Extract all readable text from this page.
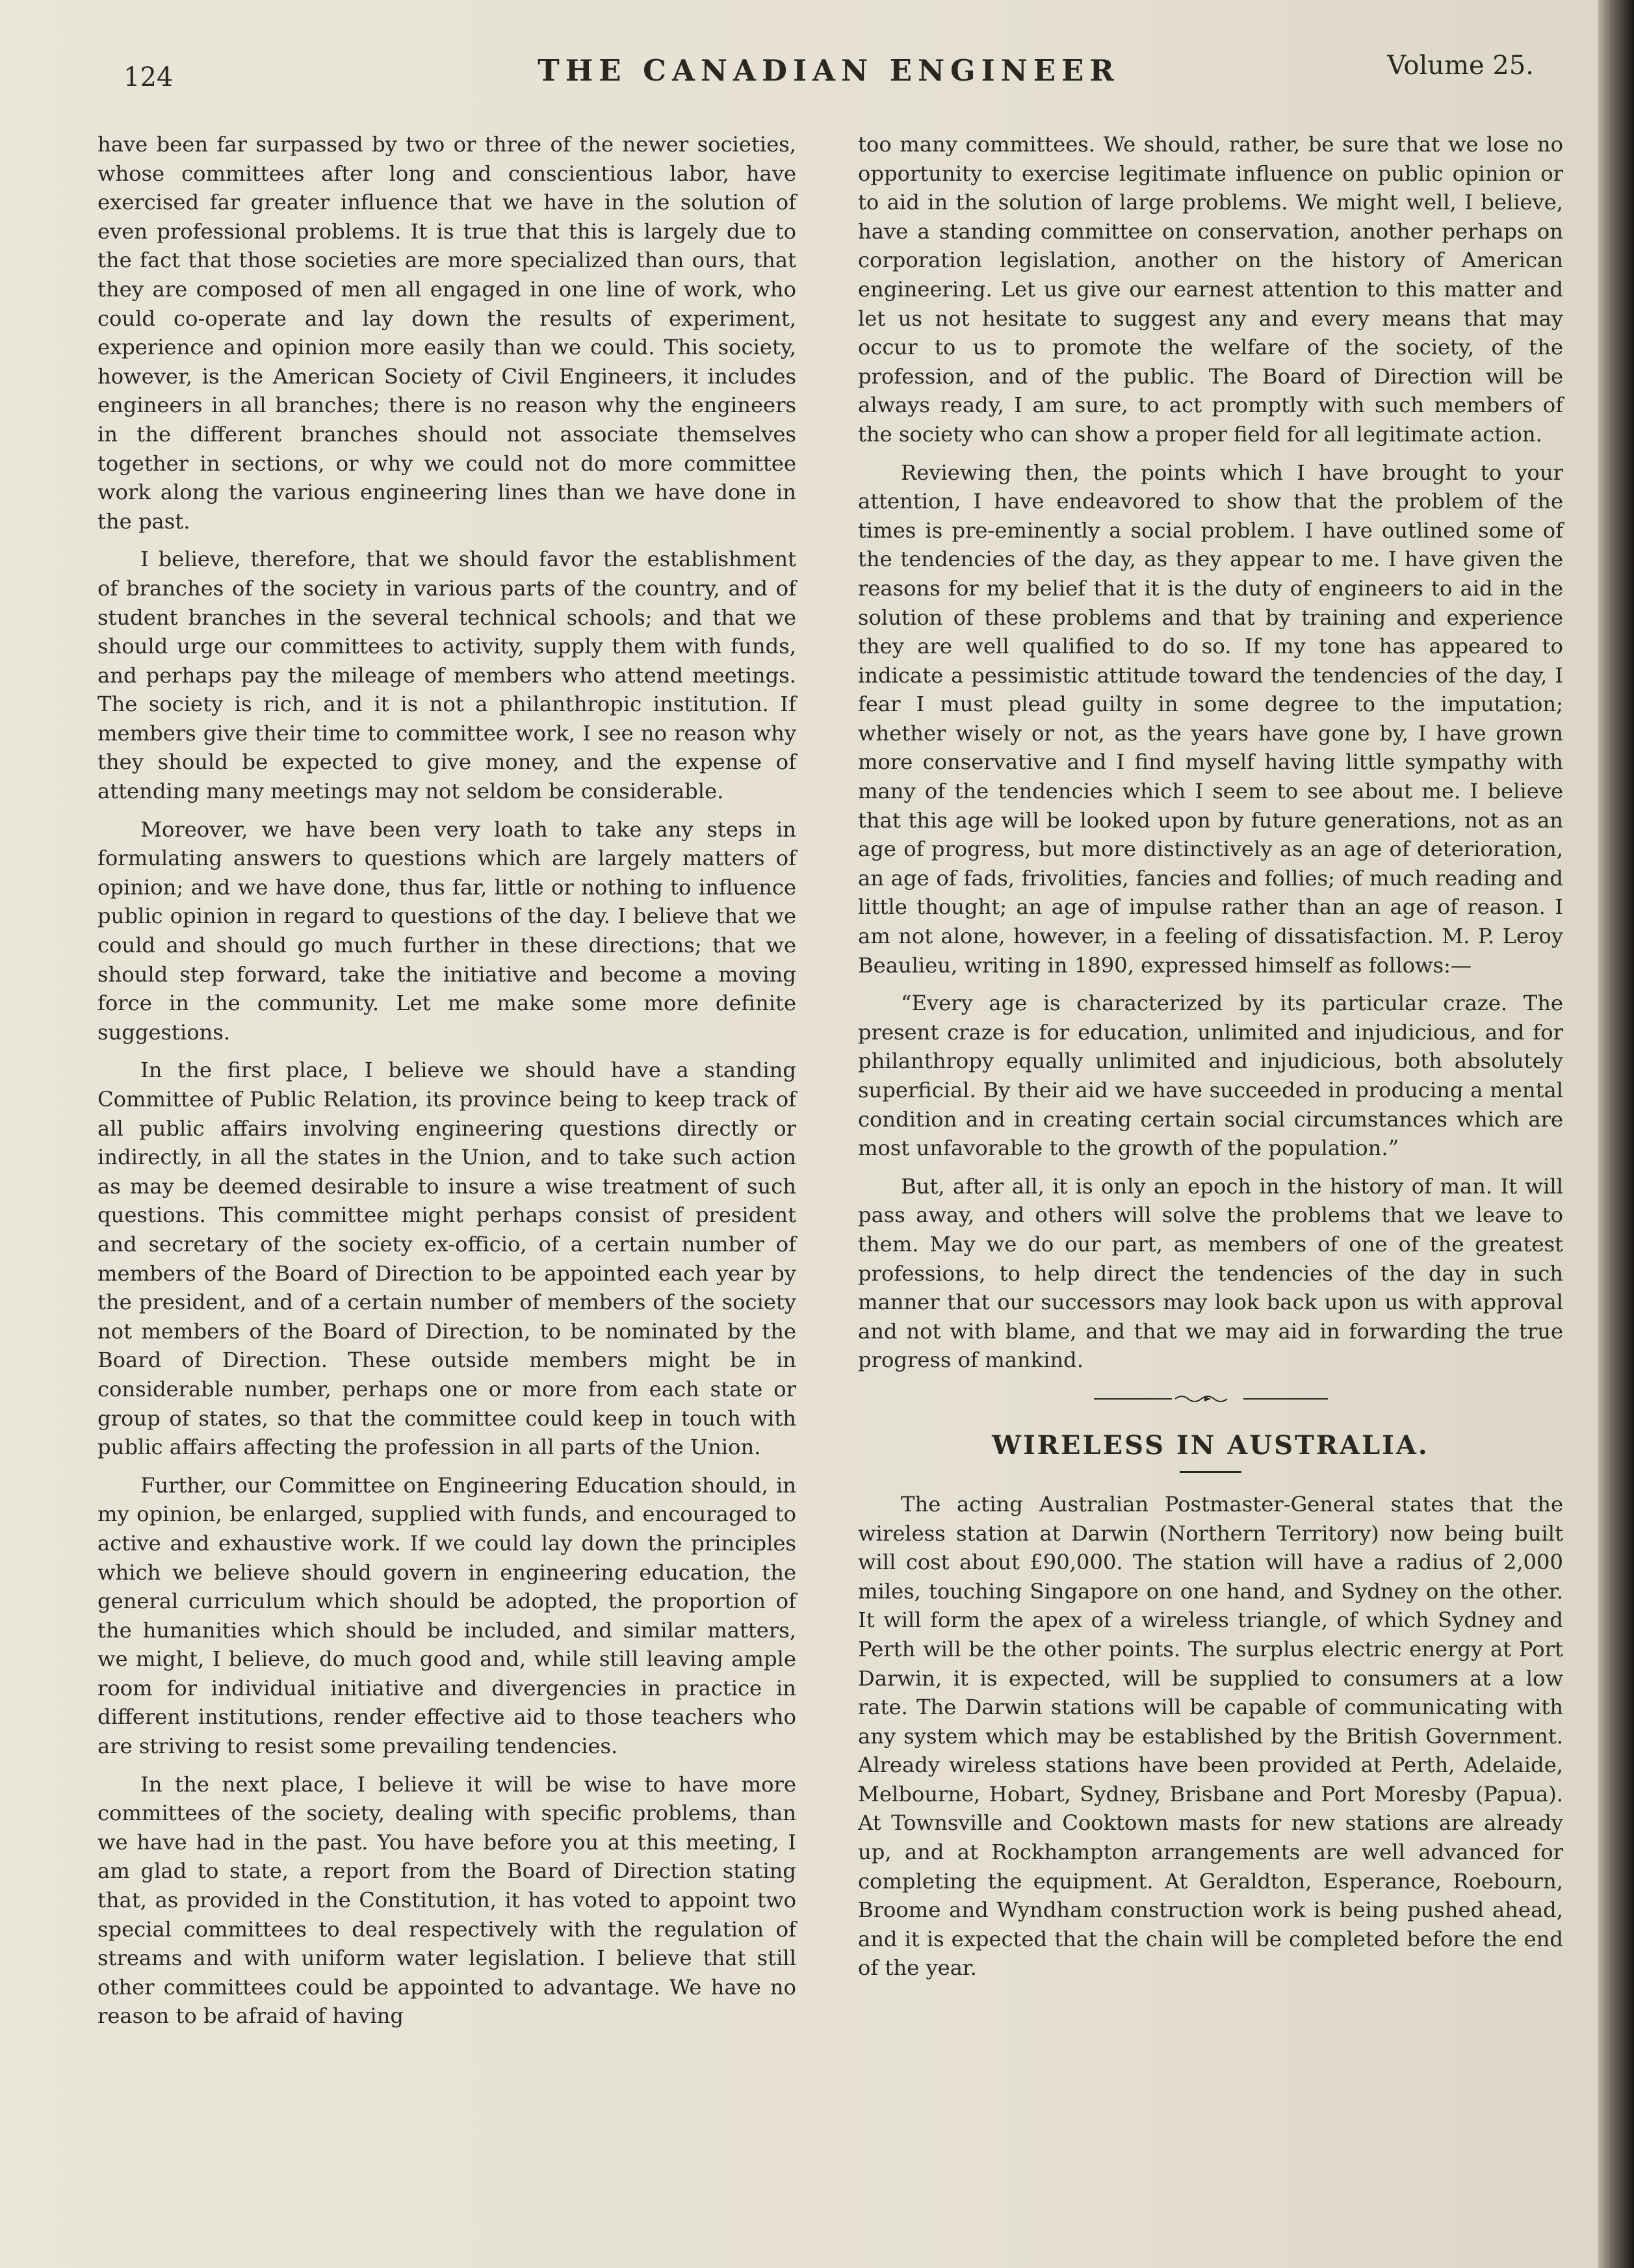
124	THE CANADIAN ENGINEER	Volume 25.

have been far surpassed by two or three of the newer societies, whose committees after long and conscientious labor, have exercised far greater influence that we have in the solution of even professional problems. It is true that this is largely due to the fact that those societies are more specialized than ours, that they are composed of men all engaged in one line of work, who could co-operate and lay down the results of experiment, experience and opinion more easily than we could. This society, however, is the American Society of Civil Engineers, it includes engineers in all branches; there is no reason why the engineers in the different branches should not associate themselves together in sections, or why we could not do more committee work along the various engineering lines than we have done in the past.

I believe, therefore, that we should favor the establishment of branches of the society in various parts of the country, and of student branches in the several technical schools; and that we should urge our committees to activity, supply them with funds, and perhaps pay the mileage of members who attend meetings. The society is rich, and it is not a philanthropic institution. If members give their time to committee work, I see no reason why they should be expected to give money, and the expense of attending many meetings may not seldom be considerable.

Moreover, we have been very loath to take any steps in formulating answers to questions which are largely matters of opinion; and we have done, thus far, little or nothing to influence public opinion in regard to questions of the day. I believe that we could and should go much further in these directions; that we should step forward, take the initiative and become a moving force in the community. Let me make some more definite suggestions.

In the first place, I believe we should have a standing Committee of Public Relation, its province being to keep track of all public affairs involving engineering questions directly or indirectly, in all the states in the Union, and to take such action as may be deemed desirable to insure a wise treatment of such questions. This committee might perhaps consist of president and secretary of the society ex-officio, of a certain number of members of the Board of Direction to be appointed each year by the president, and of a certain number of members of the society not members of the Board of Direction, to be nominated by the Board of Direction. These outside members might be in considerable number, perhaps one or more from each state or group of states, so that the committee could keep in touch with public affairs affecting the profession in all parts of the Union.

Further, our Committee on Engineering Education should, in my opinion, be enlarged, supplied with funds, and encouraged to active and exhaustive work. If we could lay down the principles which we believe should govern in engineering education, the general curriculum which should be adopted, the proportion of the humanities which should be included, and similar matters, we might, I believe, do much good and, while still leaving ample room for individual initiative and divergencies in practice in different institutions, render effective aid to those teachers who are striving to resist some prevailing tendencies.

In the next place, I believe it will be wise to have more committees of the society, dealing with specific problems, than we have had in the past. You have before you at this meeting, I am glad to state, a report from the Board of Direction stating that, as provided in the Constitution, it has voted to appoint two special committees to deal respectively with the regulation of streams and with uniform water legislation. I believe that still other committees could be appointed to advantage. We have no reason to be afraid of having

too many committees. We should, rather, be sure that we lose no opportunity to exercise legitimate influence on public opinion or to aid in the solution of large problems. We might well, I believe, have a standing committee on conservation, another perhaps on corporation legislation, another on the history of American engineering. Let us give our earnest attention to this matter and let us not hesitate to suggest any and every means that may occur to us to promote the welfare of the society, of the profession, and of the public. The Board of Direction will be always ready, I am sure, to act promptly with such members of the society who can show a proper field for all legitimate action.

Reviewing then, the points which I have brought to your attention, I have endeavored to show that the problem of the times is pre-eminently a social problem. I have outlined some of the tendencies of the day, as they appear to me. I have given the reasons for my belief that it is the duty of engineers to aid in the solution of these problems and that by training and experience they are well qualified to do so. If my tone has appeared to indicate a pessimistic attitude toward the tendencies of the day, I fear I must plead guilty in some degree to the imputation; whether wisely or not, as the years have gone by, I have grown more conservative and I find myself having little sympathy with many of the tendencies which I seem to see about me. I believe that this age will be looked upon by future generations, not as an age of progress, but more distinctively as an age of deterioration, an age of fads, frivolities, fancies and follies; of much reading and little thought; an age of impulse rather than an age of reason. I am not alone, however, in a feeling of dissatisfaction. M. P. Leroy Beaulieu, writing in 1890, expressed himself as follows:—

“Every age is characterized by its particular craze. The present craze is for education, unlimited and injudicious, and for philanthropy equally unlimited and injudicious, both absolutely superficial. By their aid we have succeeded in producing a mental condition and in creating certain social circumstances which are most unfavorable to the growth of the population.”

But, after all, it is only an epoch in the history of man. It will pass away, and others will solve the problems that we leave to them. May we do our part, as members of one of the greatest professions, to help direct the tendencies of the day in such manner that our successors may look back upon us with approval and not with blame, and that we may aid in forwarding the true progress of mankind.

WIRELESS IN AUSTRALIA.

The acting Australian Postmaster-General states that the wireless station at Darwin (Northern Territory) now being built will cost about £90,000. The station will have a radius of 2,000 miles, touching Singapore on one hand, and Sydney on the other. It will form the apex of a wireless triangle, of which Sydney and Perth will be the other points. The surplus electric energy at Port Darwin, it is expected, will be supplied to consumers at a low rate. The Darwin stations will be capable of communicating with any system which may be established by the British Government. Already wireless stations have been provided at Perth, Adelaide, Melbourne, Hobart, Sydney, Brisbane and Port Moresby (Papua). At Townsville and Cooktown masts for new stations are already up, and at Rockhampton arrangements are well advanced for completing the equipment. At Geraldton, Esperance, Roebourn, Broome and Wyndham construction work is being pushed ahead, and it is expected that the chain will be completed before the end of the year.
